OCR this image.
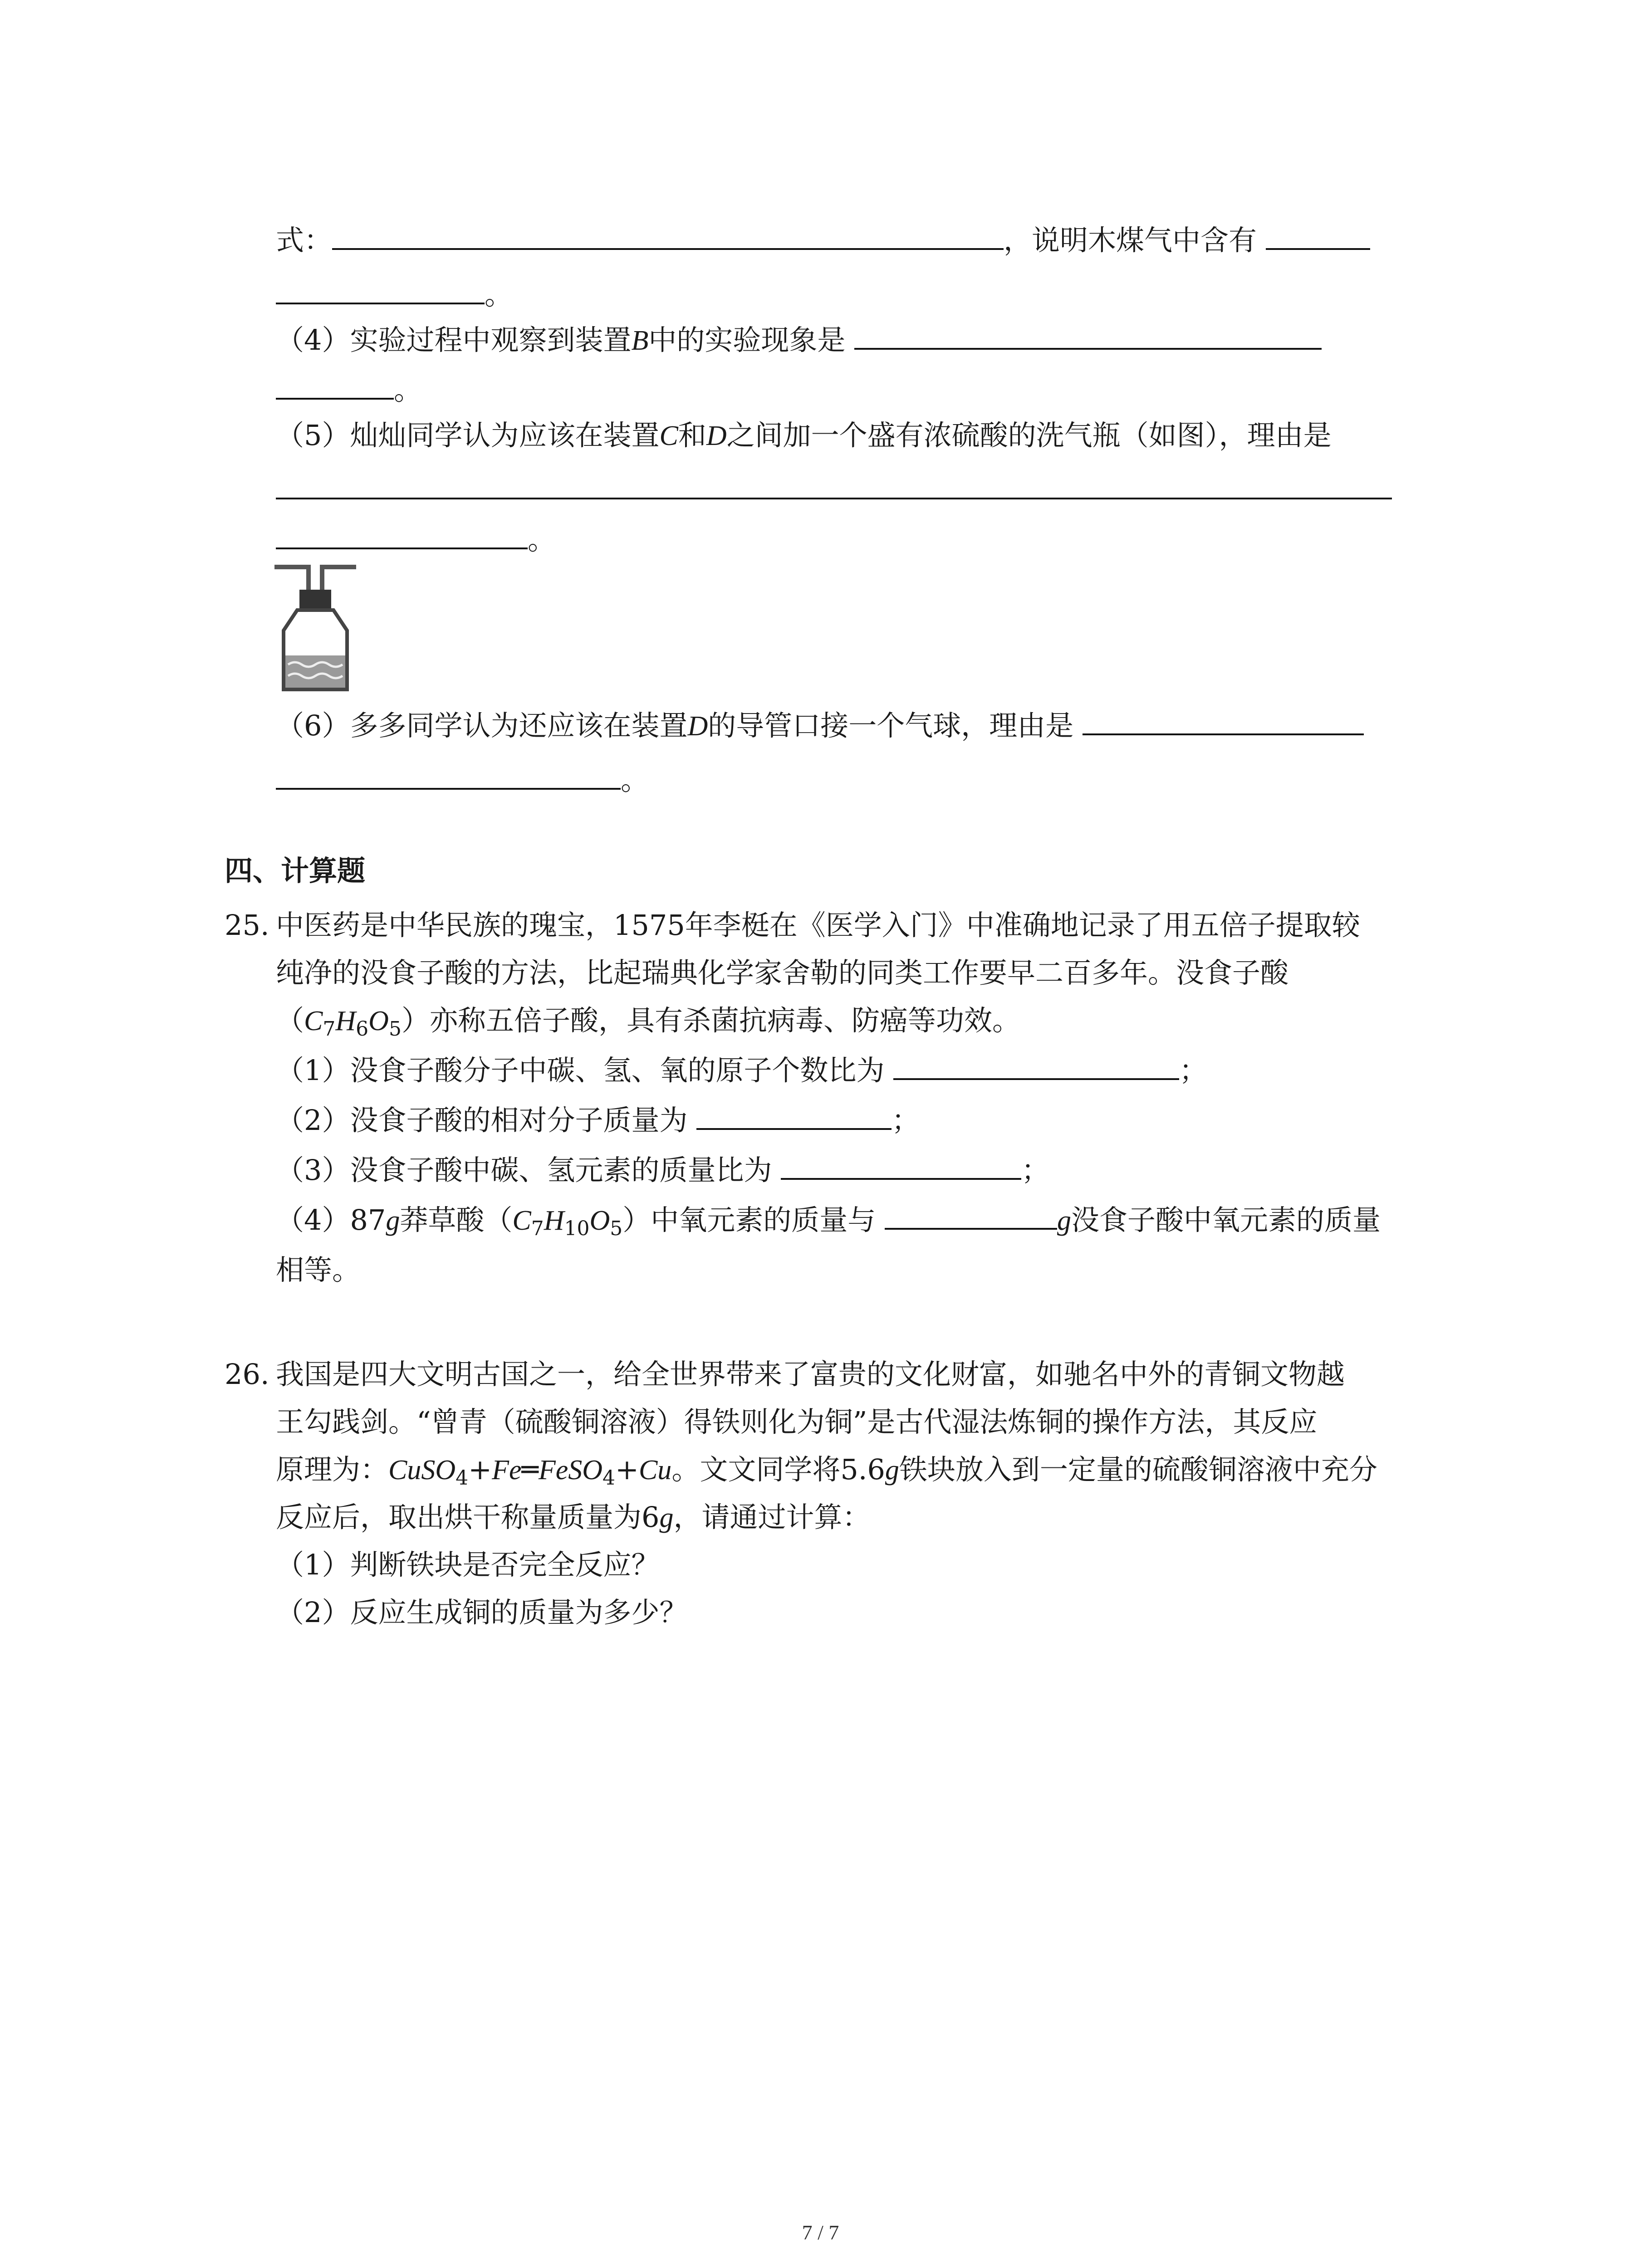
式：	，说明木煤气中含有
。
（4）实验过程中观察到装置B中的实验现象是
。
（5）灿灿同学认为应该在装置C和D之间加一个盛有浓硫酸的洗气瓶（如图），理由是
。
（6）多多同学认为还应该在装置D的导管口接一个气球，理由是
。
四、计算题
25. 中医药是中华民族的瑰宝，1575年李梃在《医学入门》中准确地记录了用五倍子提取较
纯净的没食子酸的方法，比起瑞典化学家舍勒的同类工作要早二百多年。没食子酸
$(C_7H_6O_5)$亦称五倍子酸，具有杀菌抗病毒、防癌等功效。
（1）没食子酸分子中碳、氢、氧的原子个数比为	；
（2）没食子酸的相对分子质量为	；
（3）没食子酸中碳、氢元素的质量比为	；
（4）87g莽草酸$(C_7H_{10}O_5)$中氧元素的质量与	g没食子酸中氧元素的质量
相等。
26. 我国是四大文明古国之一，给全世界带来了富贵的文化财富，如驰名中外的青铜文物越
王勾践剑。“曾青（硫酸铜溶液）得铁则化为铜”是古代湿法炼铜的操作方法，其反应
原理为：CuSO$_4$+Fe═FeSO$_4$+Cu。文文同学将5.6g铁块放入到一定量的硫酸铜溶液中充分
反应后，取出烘干称量质量为6g，请通过计算：
（1）判断铁块是否完全反应？
（2）反应生成铜的质量为多少？
7 / 7
